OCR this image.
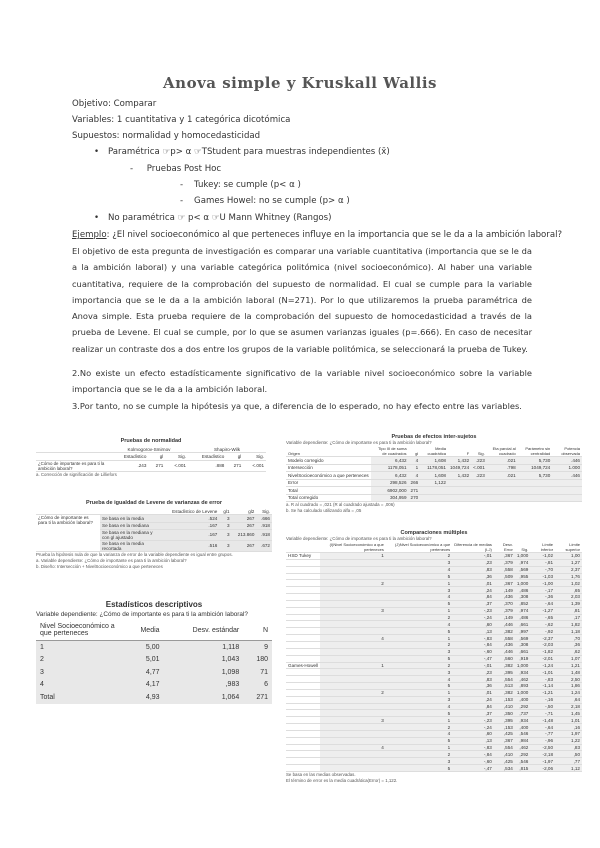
Anova simple y Kruskall Wallis
Objetivo: Comparar
Variables: 1 cuantitativa y 1 categórica dicotómica
Supuestos: normalidad y homocedasticidad
• Paramétrica ☞p> α ☞TStudent para muestras independientes (x̄)
-     Pruebas Post Hoc
-    Tukey: se cumple (p< α )
-    Games Howel: no se cumple (p> α )
• No paramétrica ☞ p< α ☞U Mann Whitney (Rangos)
Ejemplo: ¿El nivel socioeconómico al que perteneces influye en la importancia que se le da a la ambición laboral?
El objetivo de esta pregunta de investigación es comparar una variable cuantitativa (importancia que se le da a la ambición laboral) y una variable categórica politómica (nivel socioeconómico). Al haber una variable cuantitativa, requiere de la comprobación del supuesto de normalidad. El cual se cumple para la variable importancia que se le da a la ambición laboral (N=271). Por lo que utilizaremos la prueba paramétrica de Anova simple. Esta prueba requiere de la comprobación del supuesto de homocedasticidad a través de la prueba de Levene. El cual se cumple, por lo que se asumen varianzas iguales (p=.666). En caso de necesitar realizar un contraste dos a dos entre los grupos de la variable politómica, se seleccionará la prueba de Tukey.
2.No existe un efecto estadísticamente significativo de la variable nivel socioeconómico sobre la variable importancia que se le da a la ambición laboral.
3.Por tanto, no se cumple la hipótesis ya que, a diferencia de lo esperado, no hay efecto entre las variables.
Pruebas de normalidad
	Kolmogorov-Smirnov			Shapiro-Wilk		
	Estadístico	gl	Sig.	Estadístico	gl	Sig.
¿Cómo de importante es para ti la ambición laboral?	.243	271	<.001	.888	271	<.001
a. Corrección de significación de Lilliefors
Prueba de igualdad de Levene de varianzas de error
		Estadístico de Levene	gl1	gl2	Sig.
¿Cómo de importante es para ti la ambición laboral?	Se basa en la media	.524	3	267	.666
	Se basa en la mediana	.167	3	267	.918
	Se basa en la mediana y con gl ajustado	.167	3	213.860	.918
	Se basa en la media recortada	.516	3	267	.672
Prueba la hipótesis nula de que la varianza de error de la variable dependiente es igual entre grupos.
a. Variable dependiente: ¿Cómo de importante es para ti la ambición laboral?
b. Diseño: Intersección + NivelSocioeconómico a que perteneces
Estadísticos descriptivos
Variable dependiente: ¿Cómo de importante es para ti la ambición laboral?
Nivel Socioeconómico a que perteneces	Media	Desv. estándar	N
1	5,00	1,118	9
2	5,01	1,043	180
3	4,77	1,098	71
4	4,17	,983	6
Total	4,93	1,064	271
Pruebas de efectos inter-sujetos
Variable dependiente: ¿Cómo de importante es para ti la ambición laboral?
Origen	Tipo III de suma de cuadrados	gl	Media cuadrática	F	Sig.	Eta parcial al cuadrado	Parámetro sin centralidad	Potencia observada
Modelo corregido	6,432	4	1,608	1,432	.223	.021	5,730	.446
Intersección	1178,051	1	1178,051	1049,724	<.001	.798	1049,724	1.000
NivelSocioeconómico a que perteneces	6,432	4	1,608	1,432	.223	.021	5,730	.446
Error	298,526	266	1,122					
Total	6902,000	271						
Total corregido	304,959	270						
a. R al cuadrado = ,021 (R al cuadrado ajustada = ,006)
b. Se ha calculado utilizando alfa = ,05
Comparaciones múltiples
Variable dependiente: ¿Cómo de importante es para ti la ambición laboral?
	(I)Nivel Socioeconómico a que perteneces	(J)Nivel Socioeconómico a que perteneces	Diferencia de medias (I-J)	Desv. Error	Sig.	Límite inferior	Límite superior
HSD Tukey	1	2	-,01	,367	1,000	-1,02	1,00
		3	,23	,379	,974	-,81	1,27
		4	,83	,558	,569	-,70	2,37
		5	,36	,509	,955	-1,03	1,76
	2	1	,01	,367	1,000	-1,00	1,02
		3	,24	,149	,486	-,17	,65
		4	,84	,436	,308	-,36	2,03
		5	,37	,370	,852	-,64	1,39
	3	1	-,23	,379	,974	-1,27	,81
		2	-,24	,149	,486	-,65	,17
		4	,60	,446	,661	-,62	1,82
		5	,13	,382	,997	-,92	1,18
	4	1	-,83	,558	,569	-2,37	,70
		2	-,84	,436	,308	-2,03	,36
		3	-,60	,446	,661	-1,82	,62
		5	-,47	,560	,919	-2,01	1,07
Games-Howell	1	2	-,01	,382	1,000	-1,24	1,21
		3	,23	,395	,934	-1,01	1,48
		4	,83	,554	,462	-,83	2,50
		5	,36	,513	,893	-1,14	1,86
	2	1	,01	,382	1,000	-1,21	1,24
		3	,24	,153	,400	-,16	,64
		4	,84	,410	,292	-,50	2,18
		5	,37	,350	,737	-,71	1,45
	3	1	-,23	,395	,934	-1,48	1,01
		2	-,24	,153	,400	-,64	,16
		4	,60	,425	,546	-,77	1,97
		5	,13	,367	,984	-,96	1,22
	4	1	-,83	,554	,462	-2,50	,83
		2	-,84	,410	,292	-2,18	,50
		3	-,60	,425	,546	-1,97	,77
		5	-,47	,534	,815	-2,06	1,12
Se basa en las medias observadas.
El término de error es la media cuadrática(Error) = 1,122.
